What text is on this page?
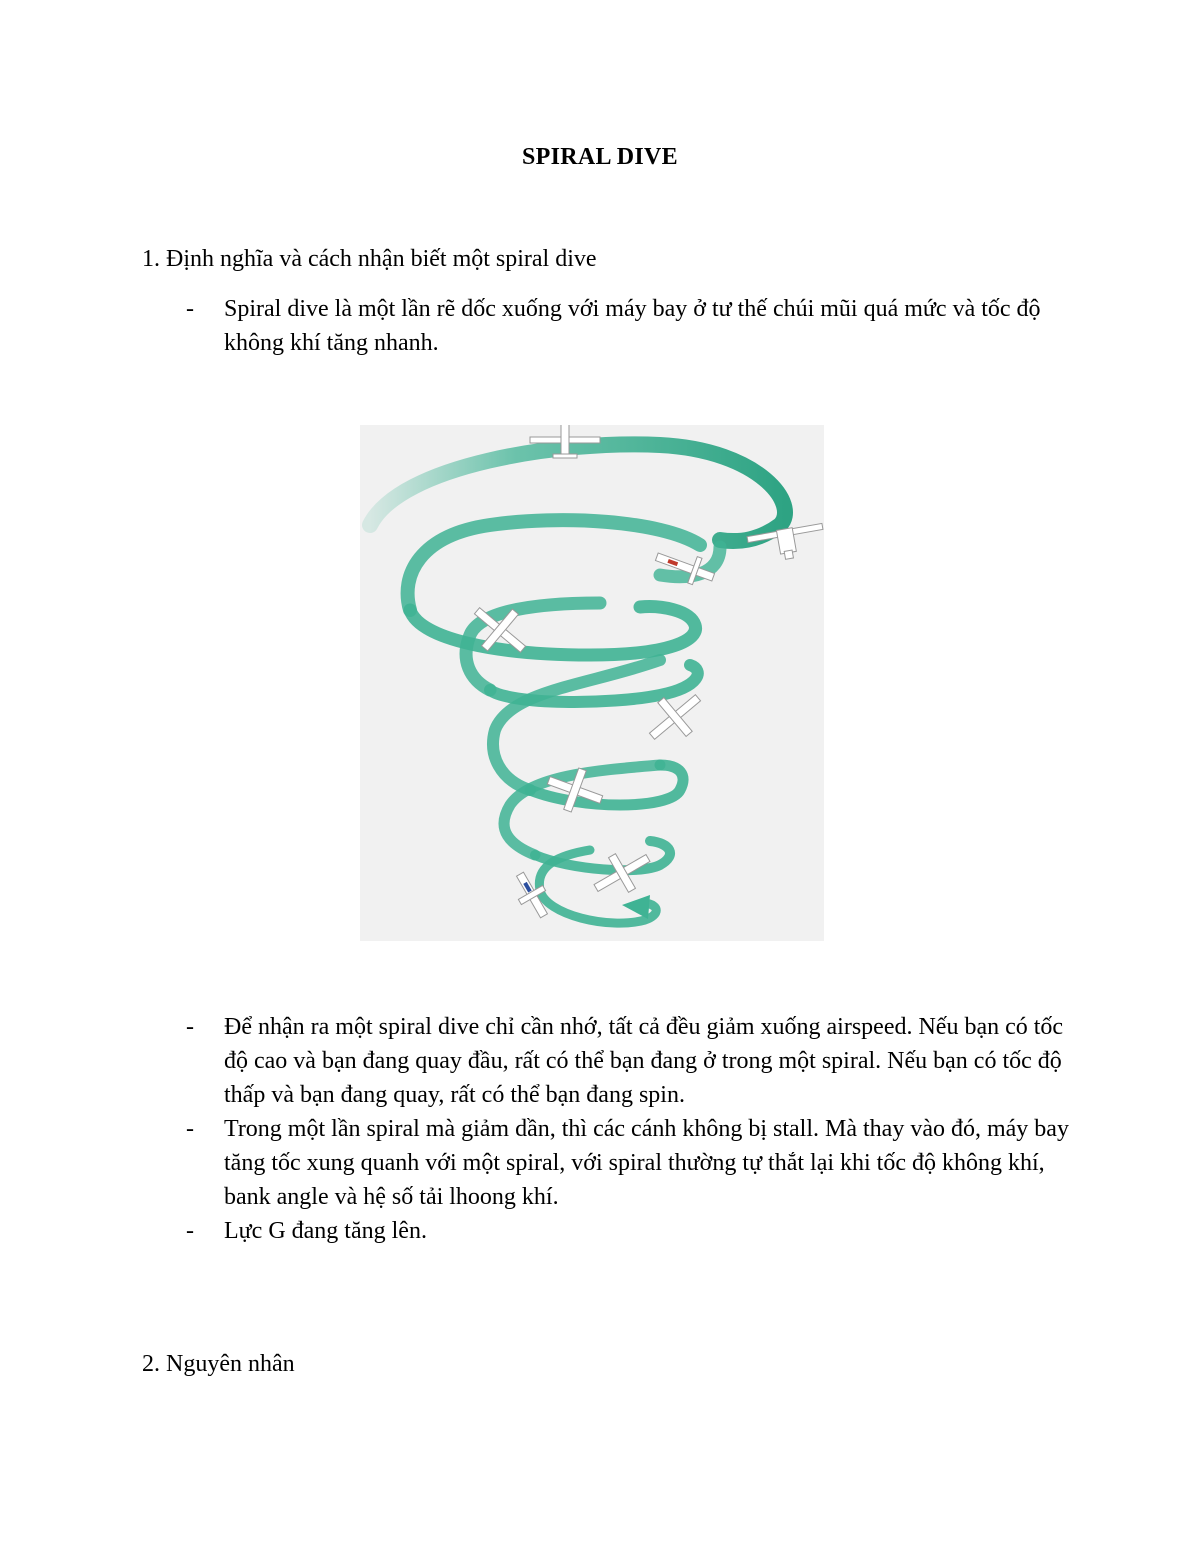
SPIRAL DIVE
1. Định nghĩa và cách nhận biết một spiral dive
-	Spiral dive là một lần rẽ dốc xuống với máy bay ở tư thế chúi mũi quá mức và tốc độ không khí tăng nhanh.
-	Để nhận ra một spiral dive chỉ cần nhớ, tất cả đều giảm xuống airspeed. Nếu bạn có tốc độ cao và bạn đang quay đầu, rất có thể bạn đang ở trong một spiral. Nếu bạn có tốc độ thấp và bạn đang quay, rất có thể bạn đang spin.
-	Trong một lần spiral mà giảm dần, thì các cánh không bị stall. Mà thay vào đó, máy bay tăng tốc xung quanh với một spiral, với spiral thường tự thắt lại khi tốc độ không khí, bank angle và hệ số tải lhoong khí.
-	Lực G đang tăng lên.
2. Nguyên nhân
